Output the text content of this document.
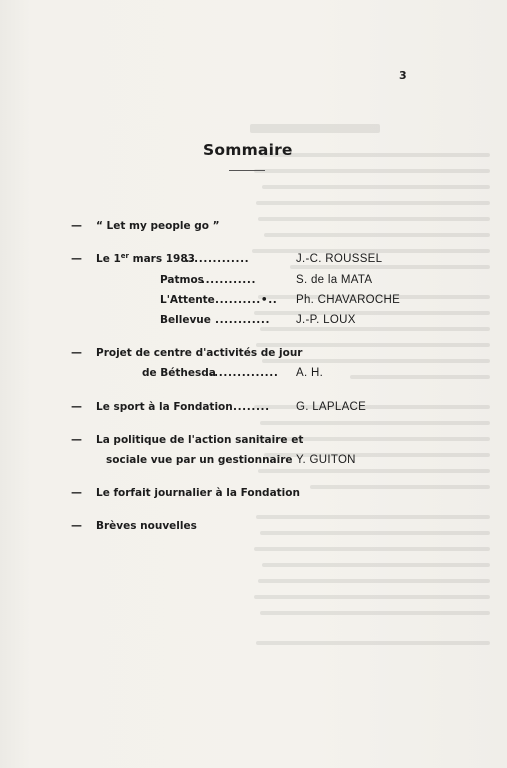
3
Sommaire
— “ Let my people go ”
— Le 1er mars 1983
..............	J.-C. ROUSSEL
Patmos
............	S. de la MATA
L'Attente ..........•.. Ph. CHAVAROCHE
Bellevue ............ J.-P. LOUX
— Projet de centre d'activités de jour
de Béthesda
................ A. H.
— Le sport à la Fondation ........ G. LAPLACE
— La politique de l'action sanitaire et
sociale vue par un gestionnaire Y. GUITON
— Le forfait journalier à la Fondation
— Brèves nouvelles
